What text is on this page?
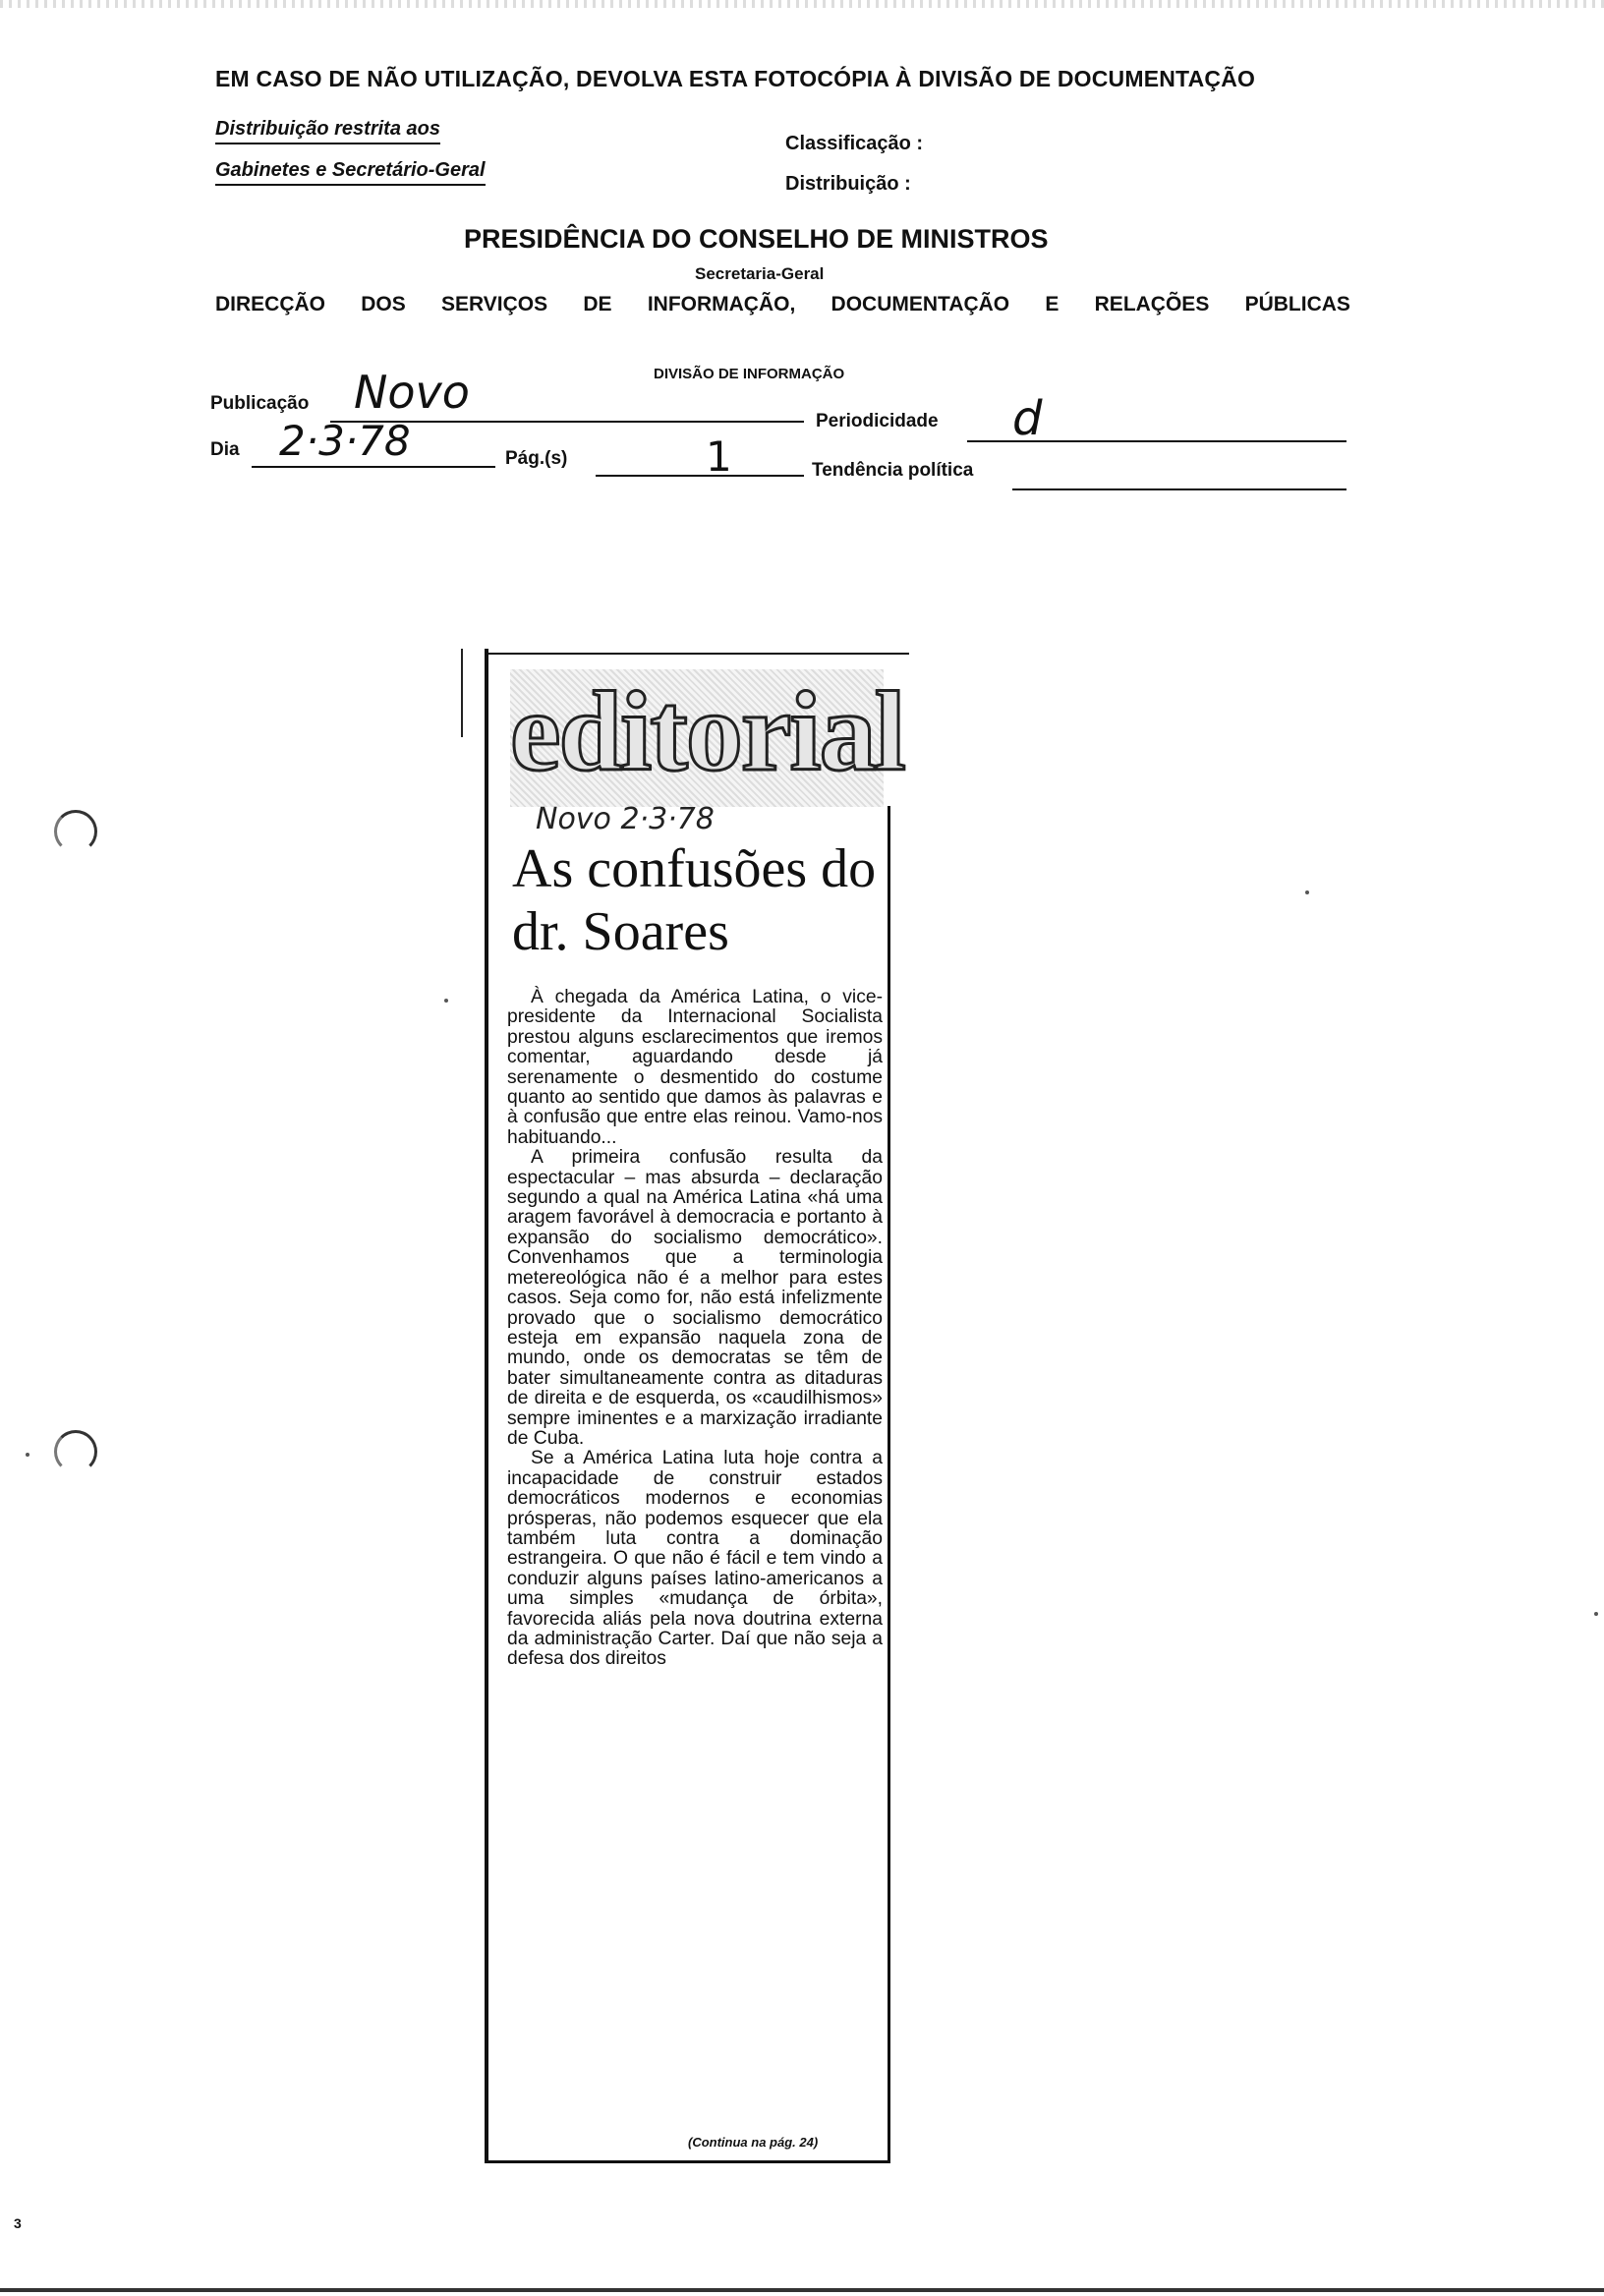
EM CASO DE NÃO UTILIZAÇÃO, DEVOLVA ESTA FOTOCÓPIA À DIVISÃO DE DOCUMENTAÇÃO
Distribuição restrita aos
Gabinetes e Secretário-Geral
Classificação :
Distribuição :
PRESIDÊNCIA DO CONSELHO DE MINISTROS
Secretaria-Geral
DIRECÇÃO DOS SERVIÇOS DE INFORMAÇÃO, DOCUMENTAÇÃO E RELAÇÕES PÚBLICAS
DIVISÃO DE INFORMAÇÃO
Publicação Novo
Periodicidade d
Dia 2·3·78	Pág.(s)	1	Tendência política
editorial
Novo 2·3·78
As confusões do dr. Soares

À chegada da América Latina, o vice-presidente da Internacional Socialista prestou alguns esclarecimentos que iremos comentar, aguardando desde já serenamente o desmentido do costume quanto ao sentido que damos às palavras e à confusão que entre elas reinou. Vamo-nos habituando...

A primeira confusão resulta da espectacular – mas absurda – declaração segundo a qual na América Latina «há uma aragem favorável à democracia e portanto à expansão do socialismo democrático». Convenhamos que a terminologia metereológica não é a melhor para estes casos. Seja como for, não está infelizmente provado que o socialismo democrático esteja em expansão naquela zona de mundo, onde os democratas se têm de bater simultaneamente contra as ditaduras de direita e de esquerda, os «caudilhismos» sempre iminentes e a marxização irradiante de Cuba.

Se a América Latina luta hoje contra a incapacidade de construir estados democráticos modernos e economias prósperas, não podemos esquecer que ela também luta contra a dominação estrangeira. O que não é fácil e tem vindo a conduzir alguns países latino-americanos a uma simples «mudança de órbita», favorecida aliás pela nova doutrina externa da administração Carter. Daí que não seja a defesa dos direitos

(Continua na pág. 24)
3
